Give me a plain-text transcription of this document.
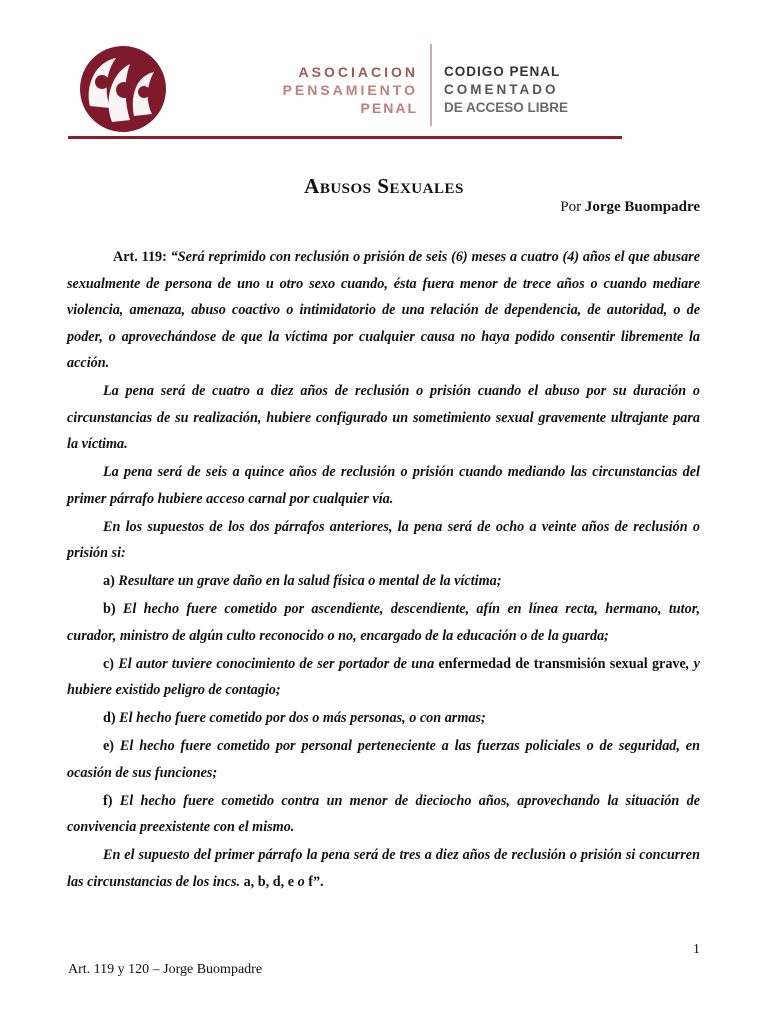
ASOCIACION
PENSAMIENTO
PENAL
CODIGO PENAL
COMENTADO
DE ACCESO LIBRE
Abusos Sexuales
Por Jorge Buompadre

Art. 119: “Será reprimido con reclusión o prisión de seis (6) meses a cuatro (4) años el que abusare sexualmente de persona de uno u otro sexo cuando, ésta fuera menor de trece años o cuando mediare violencia, amenaza, abuso coactivo o intimidatorio de una relación de dependencia, de autoridad, o de poder, o aprovechándose de que la víctima por cualquier causa no haya podido consentir libremente la acción.

La pena será de cuatro a diez años de reclusión o prisión cuando el abuso por su duración o circunstancias de su realización, hubiere configurado un sometimiento sexual gravemente ultrajante para la víctima.

La pena será de seis a quince años de reclusión o prisión cuando mediando las circunstancias del primer párrafo hubiere acceso carnal por cualquier vía.

En los supuestos de los dos párrafos anteriores, la pena será de ocho a veinte años de reclusión o prisión si:

a) Resultare un grave daño en la salud física o mental de la víctima;

b) El hecho fuere cometido por ascendiente, descendiente, afín en línea recta, hermano, tutor, curador, ministro de algún culto reconocido o no, encargado de la educación o de la guarda;

c) El autor tuviere conocimiento de ser portador de una enfermedad de transmisión sexual grave, y hubiere existido peligro de contagio;

d) El hecho fuere cometido por dos o más personas, o con armas;

e) El hecho fuere cometido por personal perteneciente a las fuerzas policiales o de seguridad, en ocasión de sus funciones;

f) El hecho fuere cometido contra un menor de dieciocho años, aprovechando la situación de convivencia preexistente con el mismo.

En el supuesto del primer párrafo la pena será de tres a diez años de reclusión o prisión si concurren las circunstancias de los incs. a, b, d, e o f”.

1
Art. 119 y 120 – Jorge Buompadre
